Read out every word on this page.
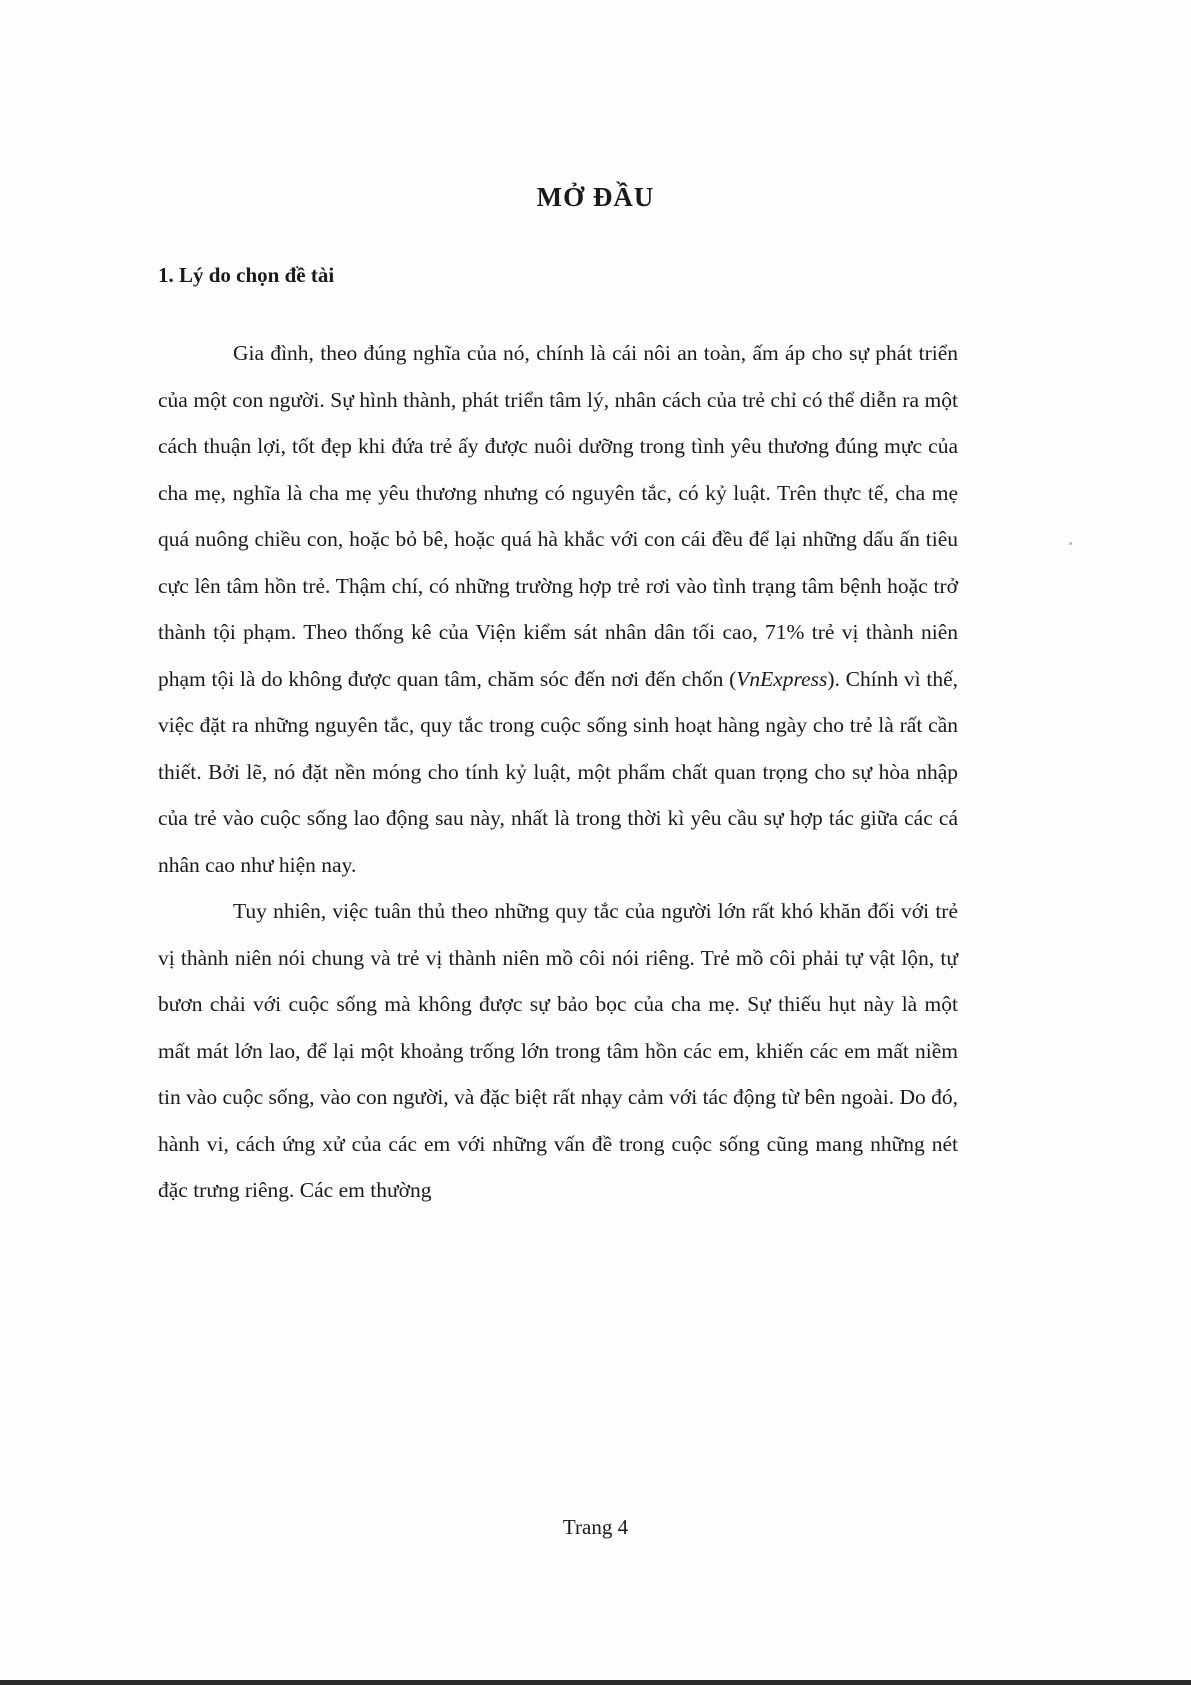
MỞ ĐẦU
1. Lý do chọn đề tài

Gia đình, theo đúng nghĩa của nó, chính là cái nôi an toàn, ấm áp cho sự phát triển của một con người. Sự hình thành, phát triển tâm lý, nhân cách của trẻ chỉ có thể diễn ra một cách thuận lợi, tốt đẹp khi đứa trẻ ấy được nuôi dưỡng trong tình yêu thương đúng mực của cha mẹ, nghĩa là cha mẹ yêu thương nhưng có nguyên tắc, có kỷ luật. Trên thực tế, cha mẹ quá nuông chiều con, hoặc bỏ bê, hoặc quá hà khắc với con cái đều để lại những dấu ấn tiêu cực lên tâm hồn trẻ. Thậm chí, có những trường hợp trẻ rơi vào tình trạng tâm bệnh hoặc trở thành tội phạm. Theo thống kê của Viện kiểm sát nhân dân tối cao, 71% trẻ vị thành niên phạm tội là do không được quan tâm, chăm sóc đến nơi đến chốn (VnExpress). Chính vì thế, việc đặt ra những nguyên tắc, quy tắc trong cuộc sống sinh hoạt hàng ngày cho trẻ là rất cần thiết. Bởi lẽ, nó đặt nền móng cho tính kỷ luật, một phẩm chất quan trọng cho sự hòa nhập của trẻ vào cuộc sống lao động sau này, nhất là trong thời kì yêu cầu sự hợp tác giữa các cá nhân cao như hiện nay.

Tuy nhiên, việc tuân thủ theo những quy tắc của người lớn rất khó khăn đối với trẻ vị thành niên nói chung và trẻ vị thành niên mồ côi nói riêng. Trẻ mồ côi phải tự vật lộn, tự bươn chải với cuộc sống mà không được sự bảo bọc của cha mẹ. Sự thiếu hụt này là một mất mát lớn lao, để lại một khoảng trống lớn trong tâm hồn các em, khiến các em mất niềm tin vào cuộc sống, vào con người, và đặc biệt rất nhạy cảm với tác động từ bên ngoài. Do đó, hành vi, cách ứng xử của các em với những vấn đề trong cuộc sống cũng mang những nét đặc trưng riêng. Các em thường

Trang 4
